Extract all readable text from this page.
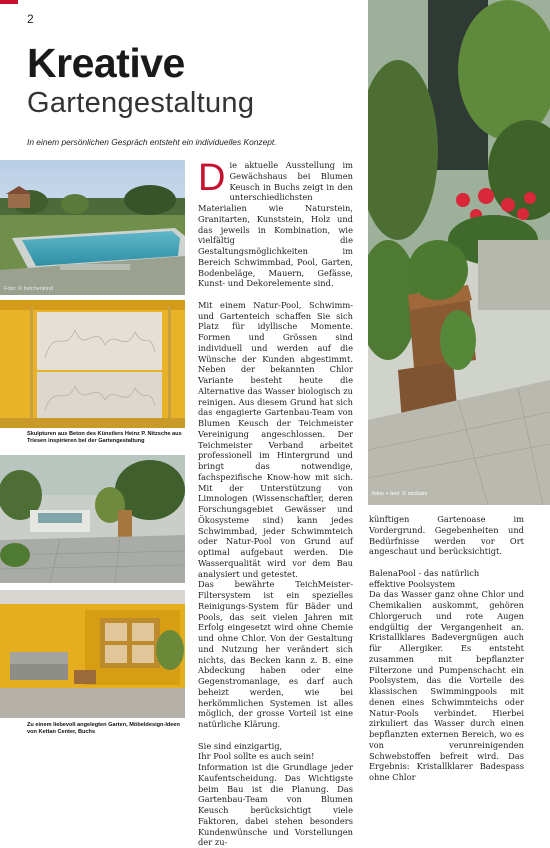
2
Kreative
Gartengestaltung
In einem persönlichen Gespräch entsteht ein individuelles Konzept.
Foto: © belchenkind
Skulpturen aus Beton des Künstlers Heinz P. Nitzsche aus Triesen inspirieren bei der Gartengestaltung
Zu einem liebevoll angelegten Garten, Möbeldesign-Ideen von Kettan Center, Buchs
fotos + text: © exclusiv

Die aktuelle Ausstellung im Gewächshaus bei Blumen Keusch in Buchs zeigt in den unterschiedlichsten Materialien wie Naturstein, Granitarten, Kunststein, Holz und das jeweils in Kombination, wie vielfältig die Gestaltungsmöglichkeiten im Bereich Schwimmbad, Pool, Garten, Bodenbeläge, Mauern, Gefässe, Kunst- und Dekorelemente sind.

Mit einem Natur-Pool, Schwimm- und Gartenteich schaffen Sie sich Platz für idyllische Momente. Formen und Grössen sind individuell und werden auf die Wünsche der Kunden abgestimmt. Neben der bekannten Chlor Variante besteht heute die Alternative das Wasser biologisch zu reinigen. Aus diesem Grund hat sich das engagierte Gartenbau-Team von Blumen Keusch der Teichmeister Vereinigung angeschlossen. Der Teichmeister Verband arbeitet professionell im Hintergrund und bringt das notwendige, fachspezifische Know-how mit sich. Mit der Unterstützung von Limnologen (Wissenschaftler, deren Forschungsgebiet Gewässer und Ökosysteme sind) kann jedes Schwimmbad, jeder Schwimmteich oder Natur-Pool von Grund auf optimal aufgebaut werden. Die Wasserqualität wird vor dem Bau analysiert und getestet.

Das bewährte TeichMeister-Filtersystem ist ein spezielles Reinigungs-System für Bäder und Pools, das seit vielen Jahren mit Erfolg eingesetzt wird ohne Chemie und ohne Chlor. Von der Gestaltung und Nutzung her verändert sich nichts, das Becken kann z. B. eine Abdeckung haben oder eine Gegenstromanlage, es darf auch beheizt werden, wie bei herkömmlichen Systemen ist alles möglich, der grosse Vorteil ist eine natürliche Klärung.

Sie sind einzigartig,

Ihr Pool sollte es auch sein!

Information ist die Grundlage jeder Kaufentscheidung. Das Wichtigste beim Bau ist die Planung. Das Gartenbau-Team von Blumen Keusch berücksichtigt viele Faktoren, dabei stehen besonders Kundenwünsche und Vorstellungen der zu-

künftigen Gartenoase im Vordergrund. Gegebenheiten und Bedürfnisse werden vor Ort angeschaut und berücksichtigt.

BalenaPool - das natürlich

effektive Poolsystem

Da das Wasser ganz ohne Chlor und Chemikalien auskommt, gehören Chlorgeruch und rote Augen endgültig der Vergangenheit an. Kristallklares Badevergnügen auch für Allergiker. Es entsteht zusammen mit bepflanzter Filterzone und Pumpenschacht ein Poolsystem, das die Vorteile des klassischen Swimmingpools mit denen eines Schwimmteichs oder Natur-Pools verbindet. Hierbei zirkuliert das Wasser durch einen bepflanzten externen Bereich, wo es von verunreinigenden Schwebstoffen befreit wird. Das Ergebnis: Kristallklarer Badespass ohne Chlor
